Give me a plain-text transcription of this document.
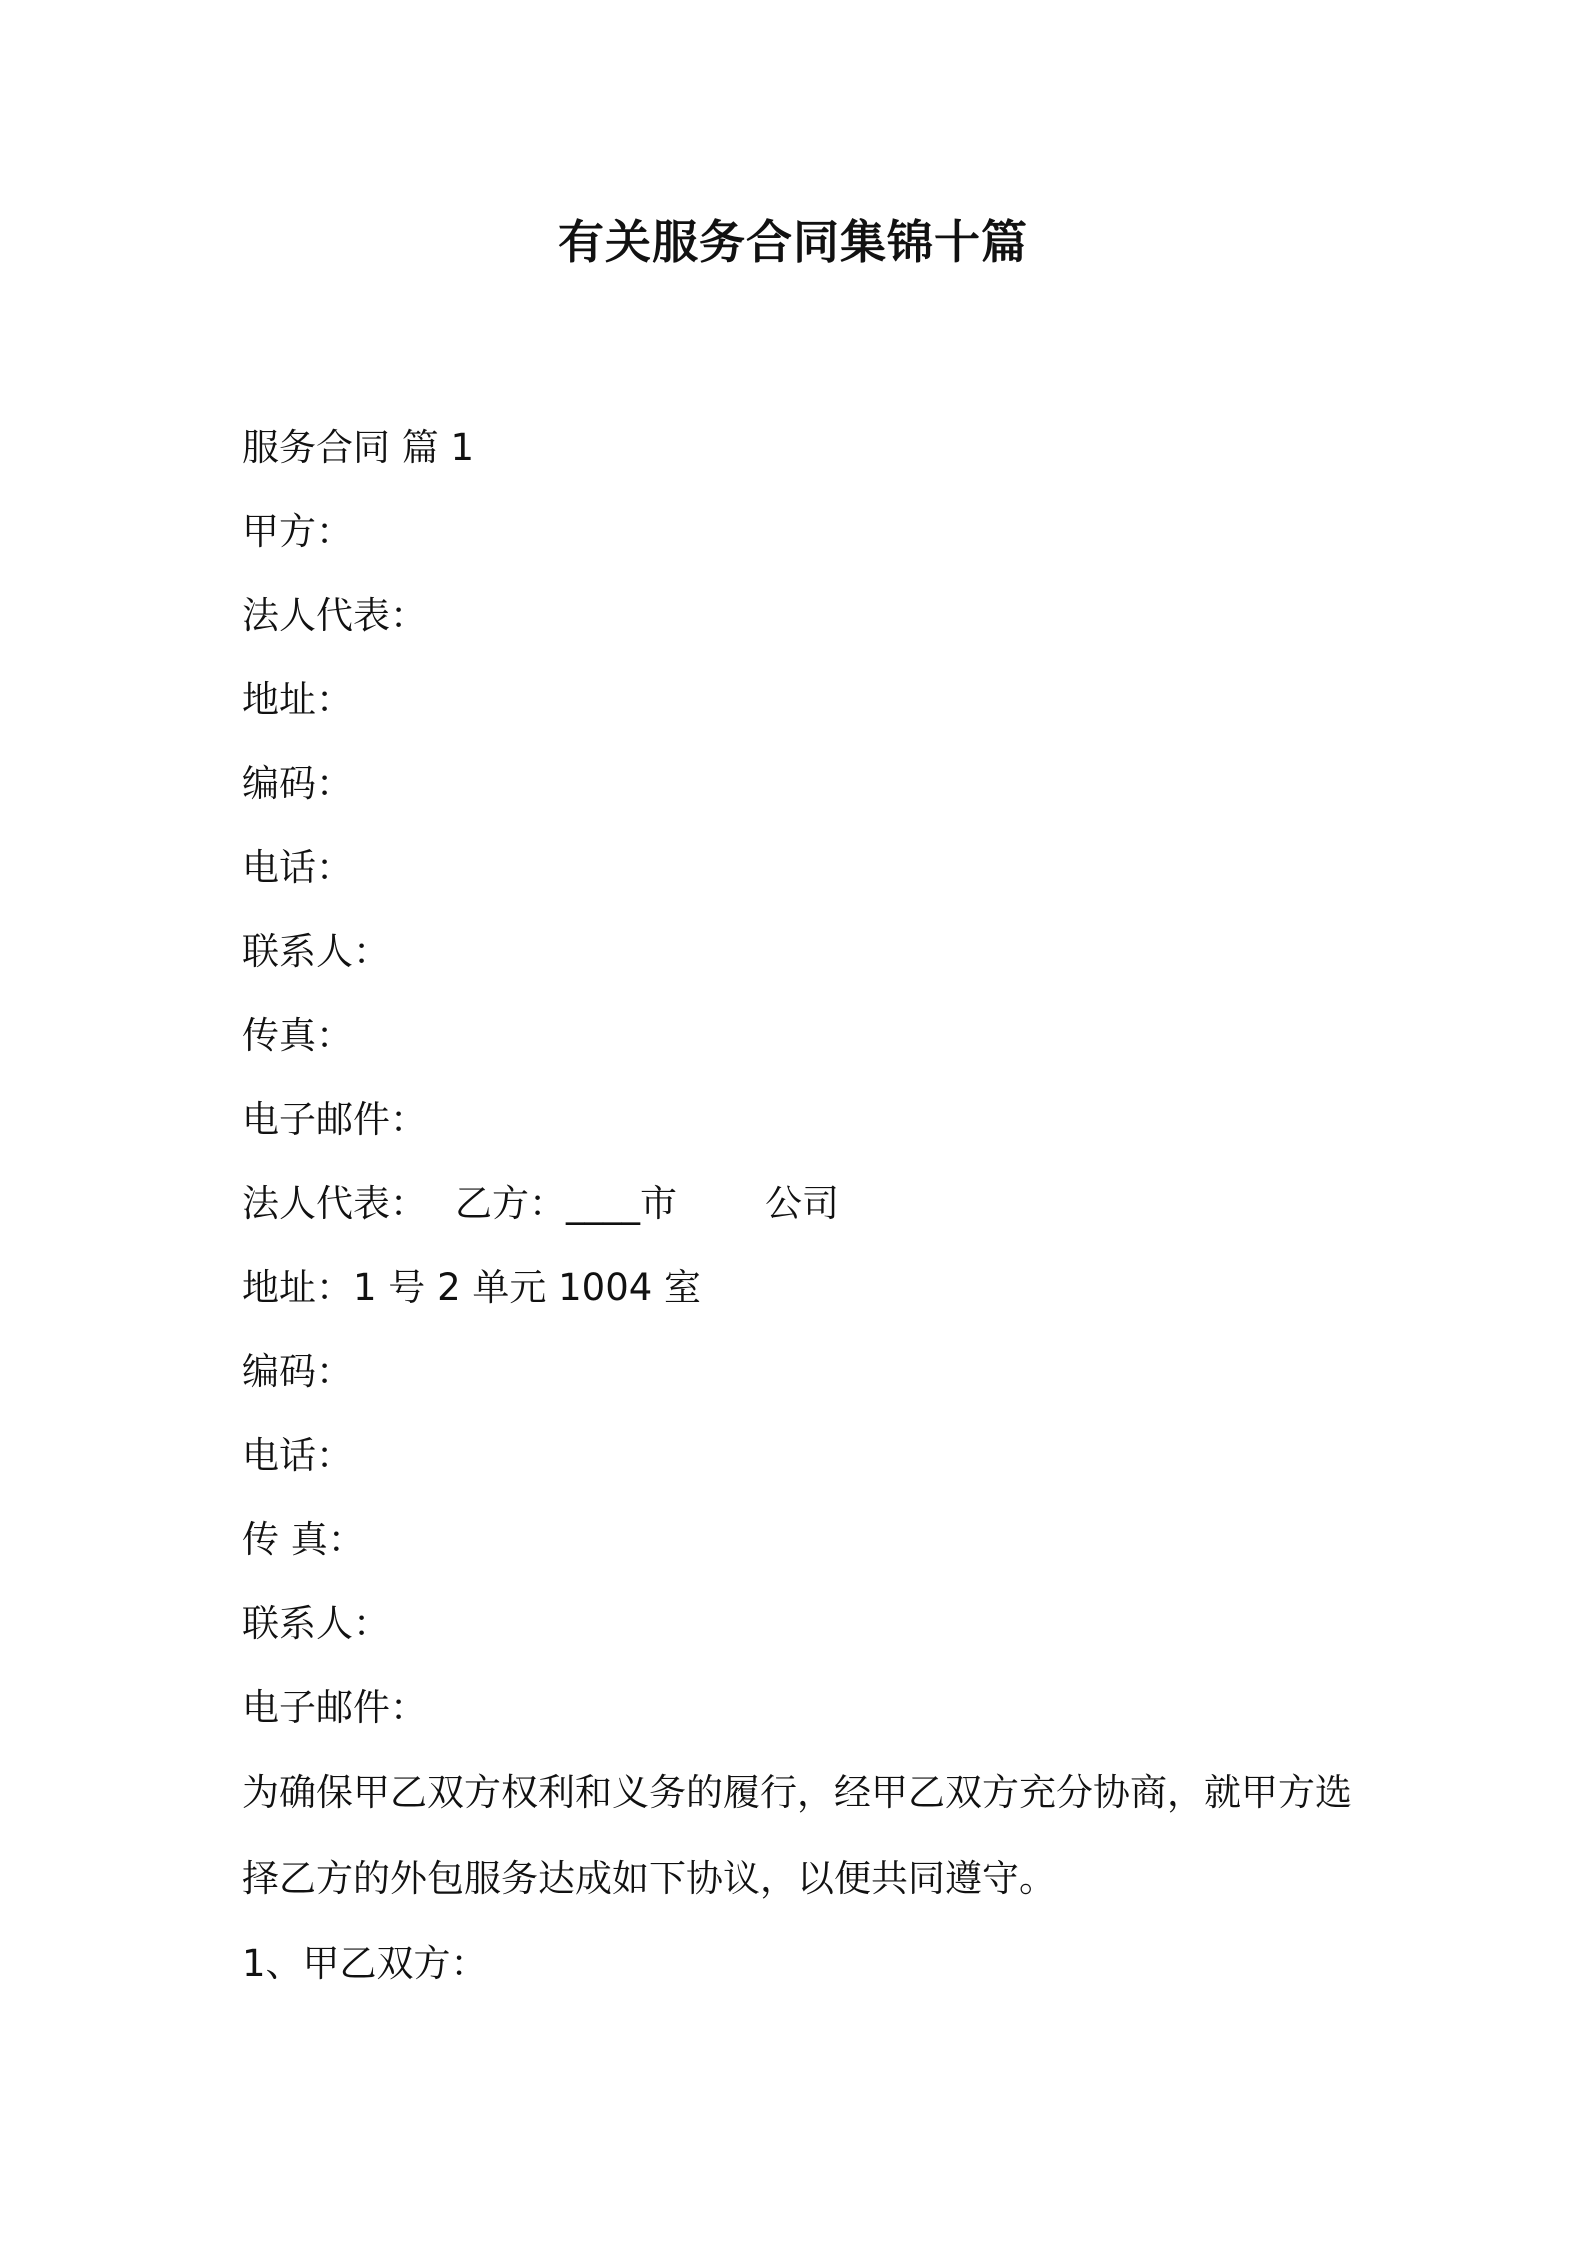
有关服务合同集锦十篇
服务合同 篇 1
甲方：
法人代表：
地址：
编码：
电话：
联系人：
传真：
电子邮件：
法人代表： 乙方：____市 公司
地址：1 号 2 单元 1004 室
编码：
电话：
传 真：
联系人：
电子邮件：
为确保甲乙双方权利和义务的履行，经甲乙双方充分协商，就甲方选择乙方的外包服务达成如下协议，以便共同遵守。
1、甲乙双方：
